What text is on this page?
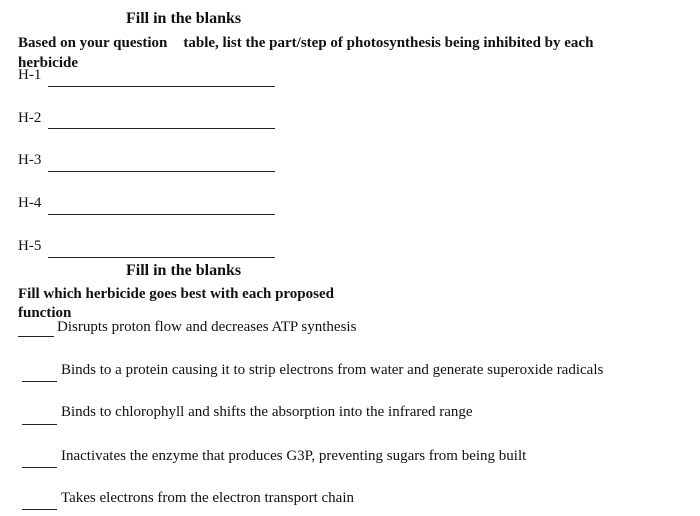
Fill in the blanks
Based on your question table, list the part/step of photosynthesis being inhibited by each
herbicide
H-1
H-2
H-3
H-4
H-5
Fill in the blanks
Fill which herbicide goes best with each proposed
function
Disrupts proton flow and decreases ATP synthesis
Binds to a protein causing it to strip electrons from water and generate superoxide radicals
Binds to chlorophyll and shifts the absorption into the infrared range
Inactivates the enzyme that produces G3P, preventing sugars from being built
Takes electrons from the electron transport chain
